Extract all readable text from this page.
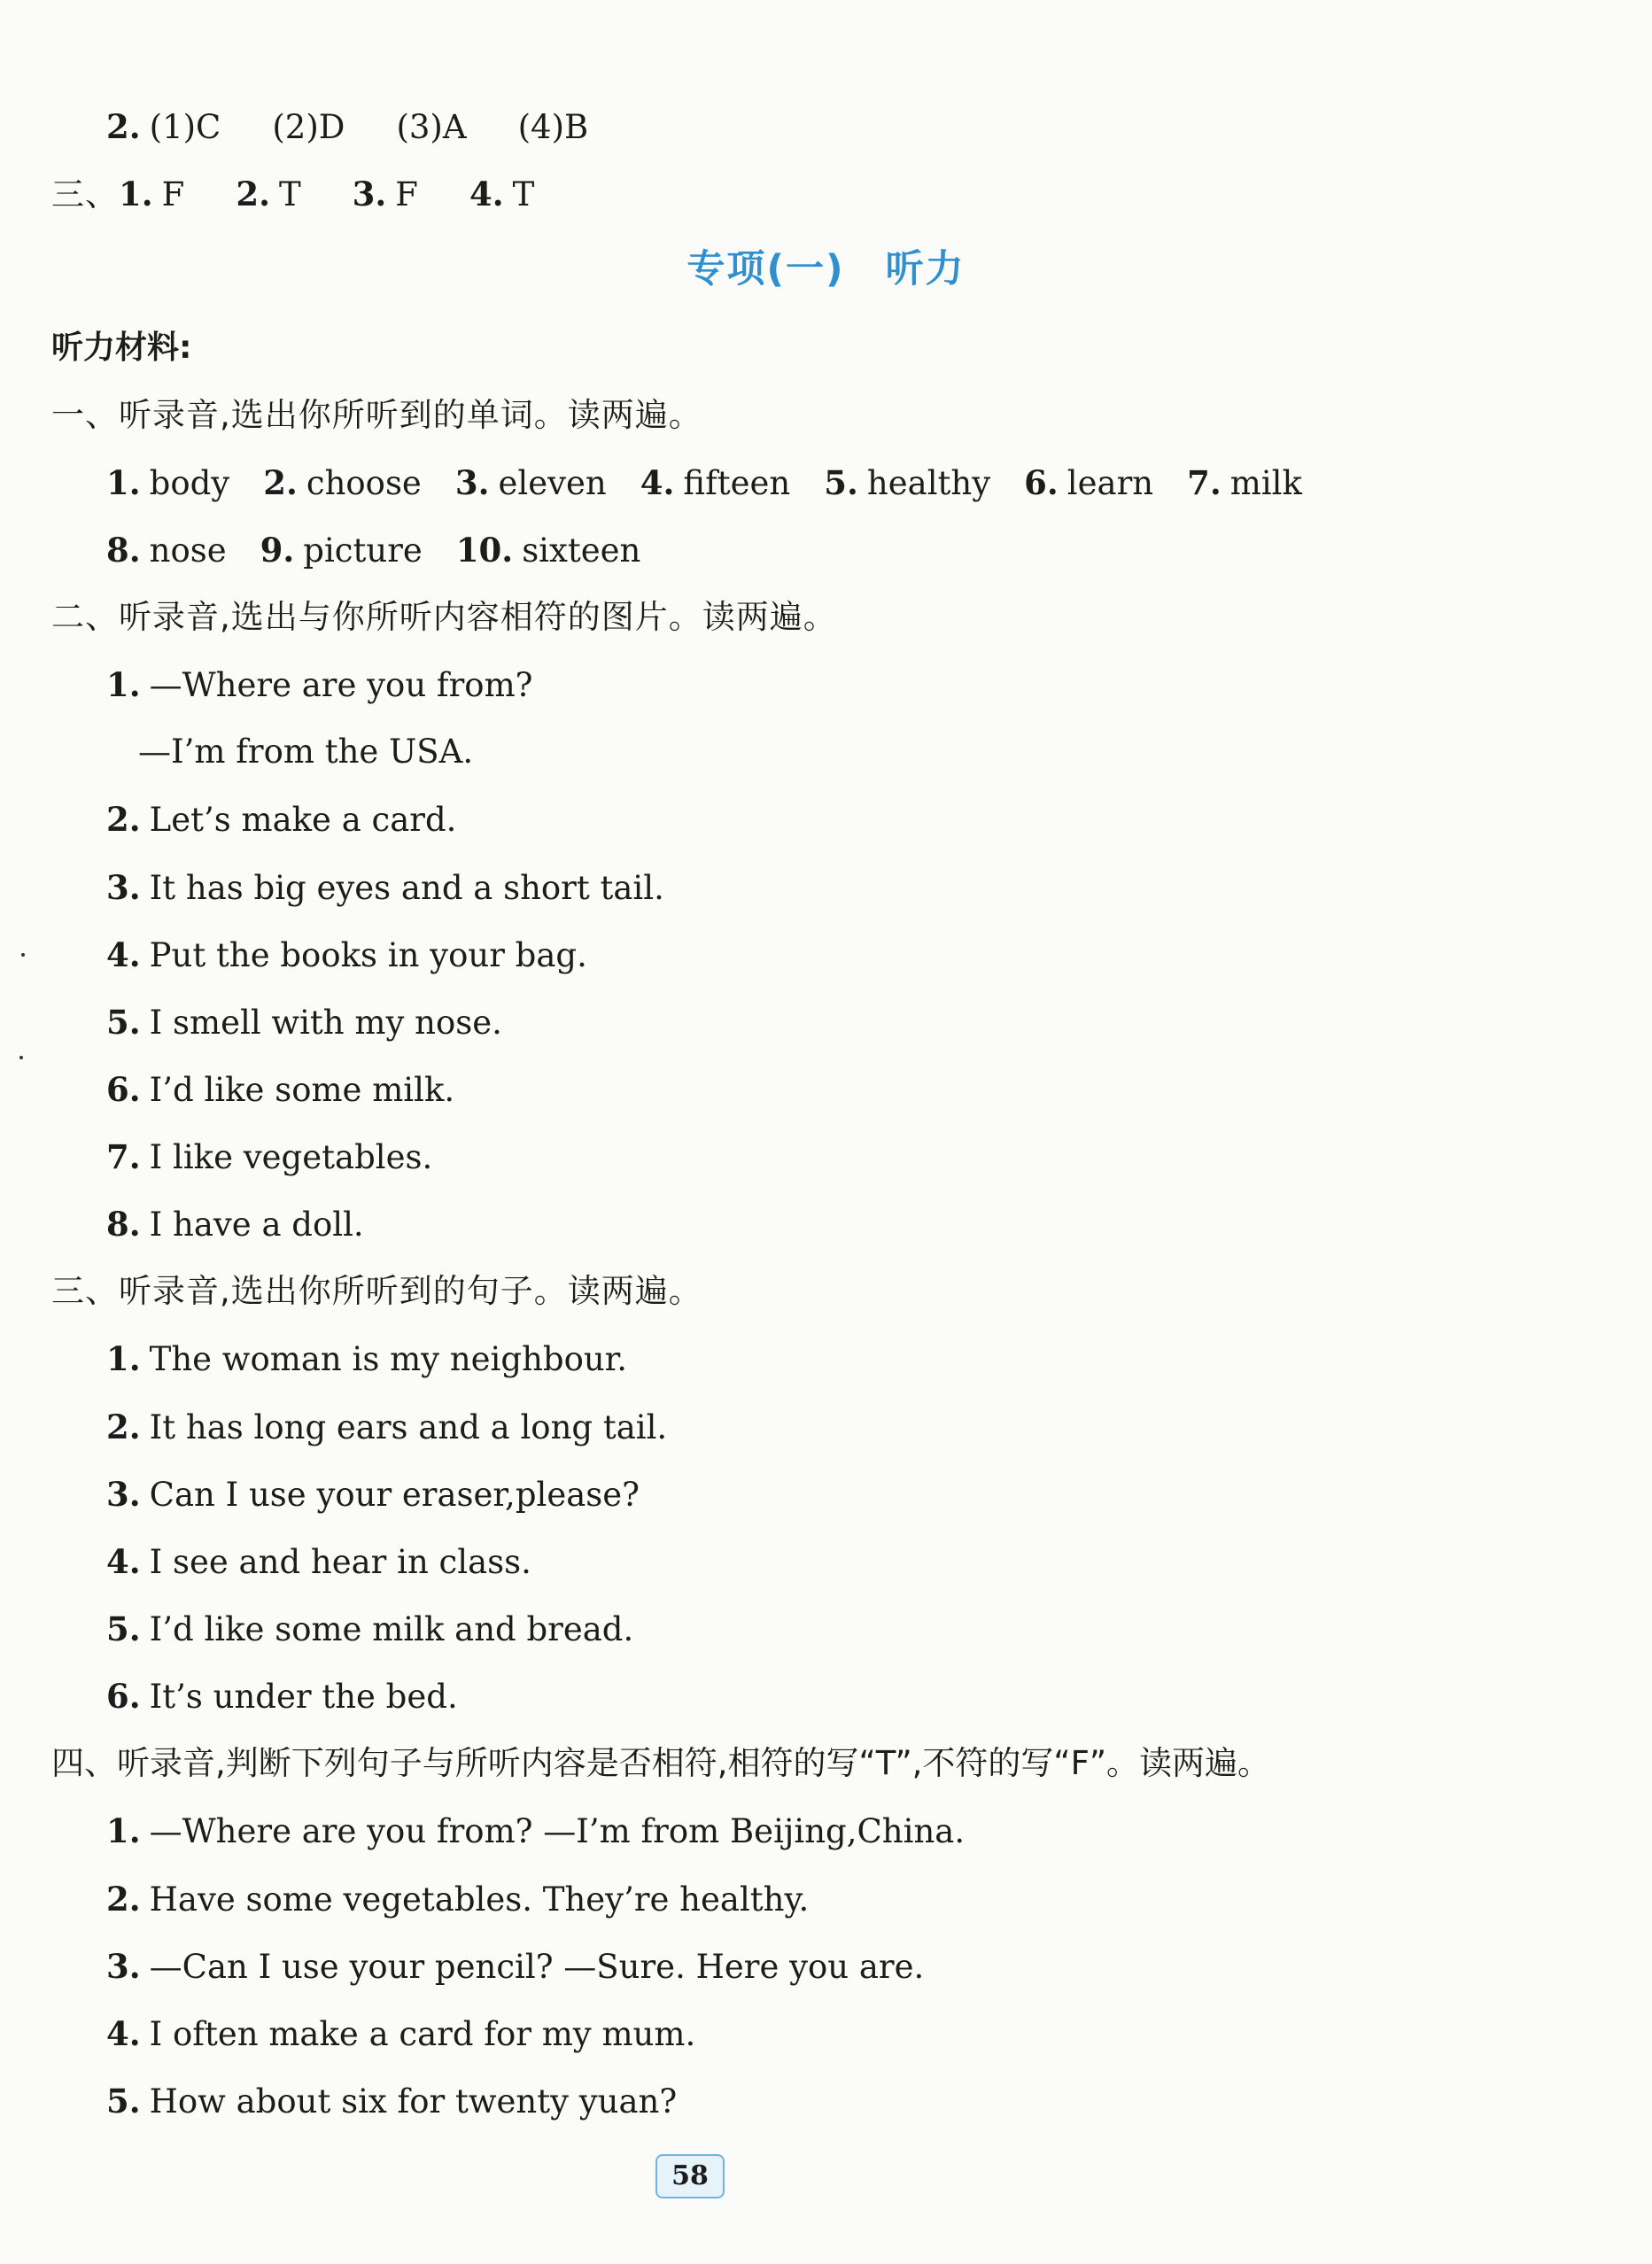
2. (1)C (2)D (3)A (4)B
三、1. F 2. T 3. F 4. T
专项(一) 听力
听力材料:
一、听录音,选出你所听到的单词。读两遍。
1. body 2. choose 3. eleven 4. fifteen 5. healthy 6. learn 7. milk
8. nose 9. picture 10. sixteen
二、听录音,选出与你所听内容相符的图片。读两遍。
1. —Where are you from?
—I’m from the USA.
2. Let’s make a card.
3. It has big eyes and a short tail.
4. Put the books in your bag.
5. I smell with my nose.
6. I’d like some milk.
7. I like vegetables.
8. I have a doll.
三、听录音,选出你所听到的句子。读两遍。
1. The woman is my neighbour.
2. It has long ears and a long tail.
3. Can I use your eraser,please?
4. I see and hear in class.
5. I’d like some milk and bread.
6. It’s under the bed.
四、听录音,判断下列句子与所听内容是否相符,相符的写“T”,不符的写“F”。读两遍。
1. —Where are you from? —I’m from Beijing,China.
2. Have some vegetables. They’re healthy.
3. —Can I use your pencil? —Sure. Here you are.
4. I often make a card for my mum.
5. How about six for twenty yuan?
58
